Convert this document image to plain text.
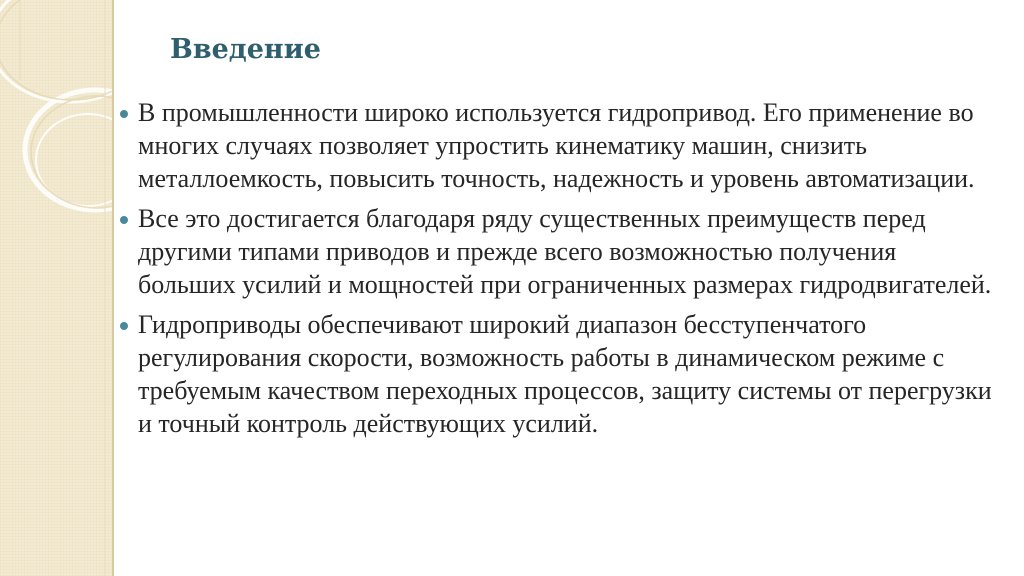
Введение
В промышленности широко используется гидропривод. Его применение во многих случаях позволяет упростить кинематику машин, снизить металлоемкость, повысить точность, надежность и уровень автоматизации.
Все это достигается благодаря ряду существенных преимуществ перед другими типами приводов и прежде всего возможностью получения больших усилий и мощностей при ограниченных размерах гидродвигателей.
Гидроприводы обеспечивают широкий диапазон бесступенчатого регулирования скорости, возможность работы в динамическом режиме с требуемым качеством переходных процессов, защиту системы от перегрузки и точный контроль действующих усилий.
